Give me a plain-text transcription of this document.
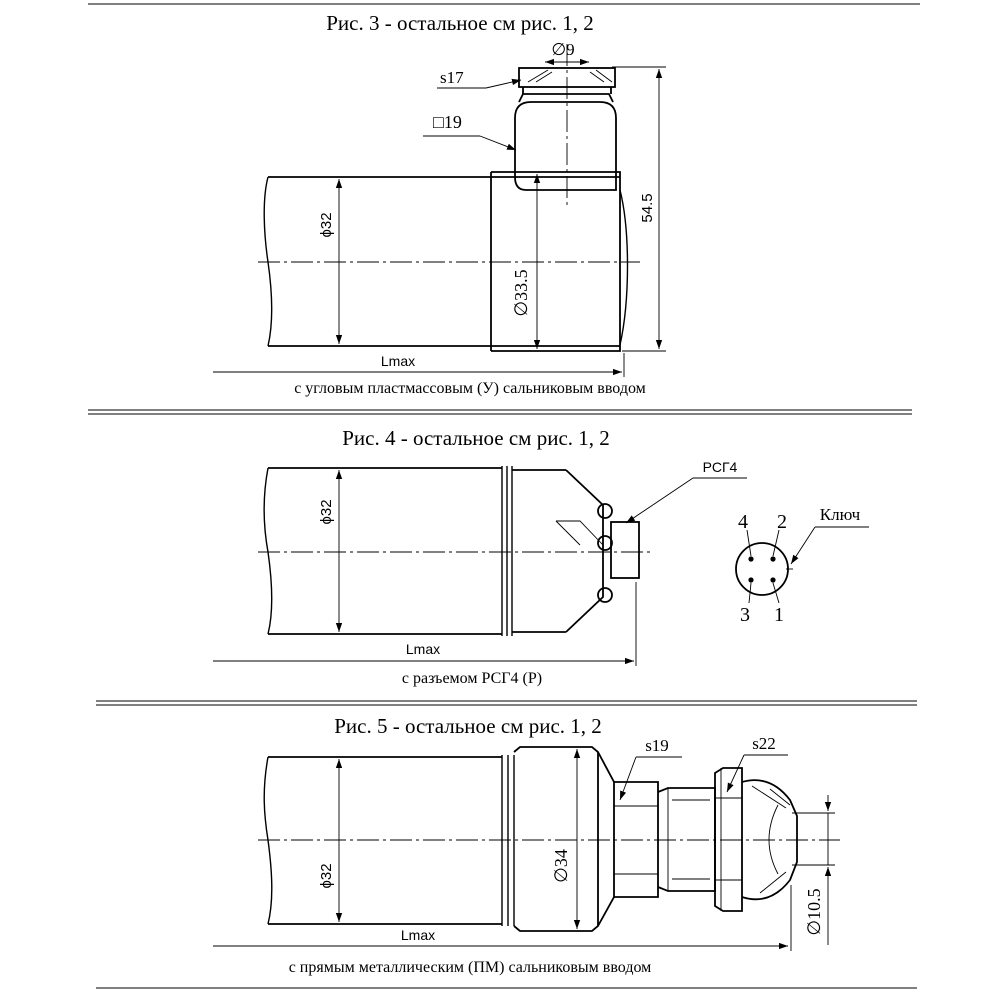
Рис. 3 - остальное см рис. 1, 2
∅9
s17
□19
ϕ32
∅33.5
54.5
Lmax
с угловым пластмассовым (У) сальниковым вводом
Рис. 4 - остальное см рис. 1, 2
РСГ4
ϕ32
Lmax
4 2
3 1
Ключ
с разъемом РСГ4 (Р)
Рис. 5 - остальное см рис. 1, 2
s19	s22
ϕ32	∅34
∅10.5
Lmax
с прямым металлическим (ПМ) сальниковым вводом
